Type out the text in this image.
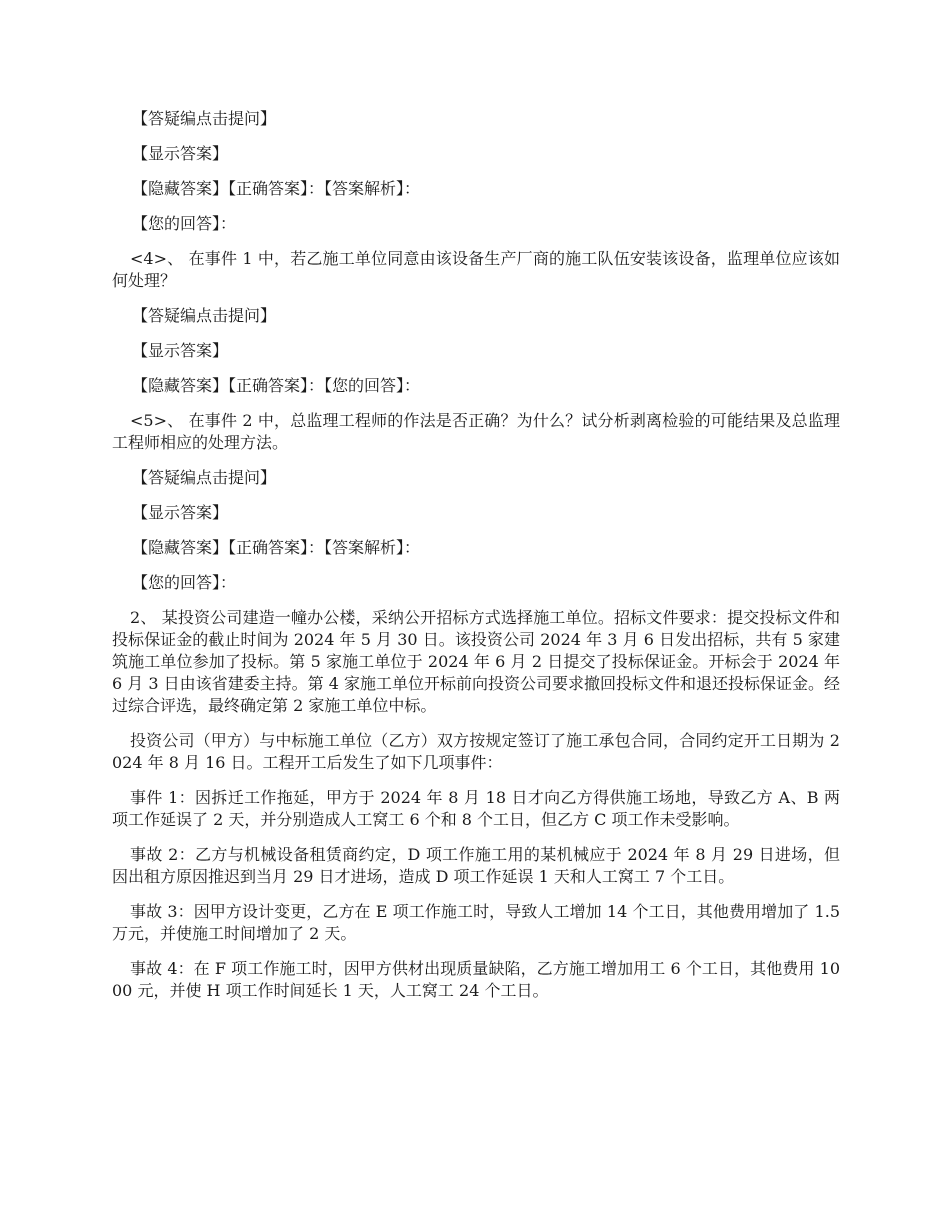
【答疑编点击提问】
【显示答案】
【隐藏答案】【正确答案】：【答案解析】：
【您的回答】：
<4>、 在事件 1 中，若乙施工单位同意由该设备生产厂商的施工队伍安装该设备，监理单位应该如何处理？
【答疑编点击提问】
【显示答案】
【隐藏答案】【正确答案】：【您的回答】：
<5>、 在事件 2 中，总监理工程师的作法是否正确？为什么？试分析剥离检验的可能结果及总监理工程师相应的处理方法。
【答疑编点击提问】
【显示答案】
【隐藏答案】【正确答案】：【答案解析】：
【您的回答】：
2、 某投资公司建造一幢办公楼，采纳公开招标方式选择施工单位。招标文件要求：提交投标文件和投标保证金的截止时间为 2024 年 5 月 30 日。该投资公司 2024 年 3 月 6 日发出招标，共有 5 家建筑施工单位参加了投标。第 5 家施工单位于 2024 年 6 月 2 日提交了投标保证金。开标会于 2024 年 6 月 3 日由该省建委主持。第 4 家施工单位开标前向投资公司要求撤回投标文件和退还投标保证金。经过综合评选，最终确定第 2 家施工单位中标。
投资公司（甲方）与中标施工单位（乙方）双方按规定签订了施工承包合同，合同约定开工日期为 2024 年 8 月 16 日。工程开工后发生了如下几项事件：
事件 1：因拆迁工作拖延，甲方于 2024 年 8 月 18 日才向乙方得供施工场地，导致乙方 A、B 两项工作延误了 2 天，并分别造成人工窝工 6 个和 8 个工日，但乙方 C 项工作未受影响。
事故 2：乙方与机械设备租赁商约定，D 项工作施工用的某机械应于 2024 年 8 月 29 日进场，但因出租方原因推迟到当月 29 日才进场，造成 D 项工作延误 1 天和人工窝工 7 个工日。
事故 3：因甲方设计变更，乙方在 E 项工作施工时，导致人工增加 14 个工日，其他费用增加了 1.5 万元，并使施工时间增加了 2 天。
事故 4：在 F 项工作施工时，因甲方供材出现质量缺陷，乙方施工增加用工 6 个工日，其他费用 1000 元，并使 H 项工作时间延长 1 天，人工窝工 24 个工日。
